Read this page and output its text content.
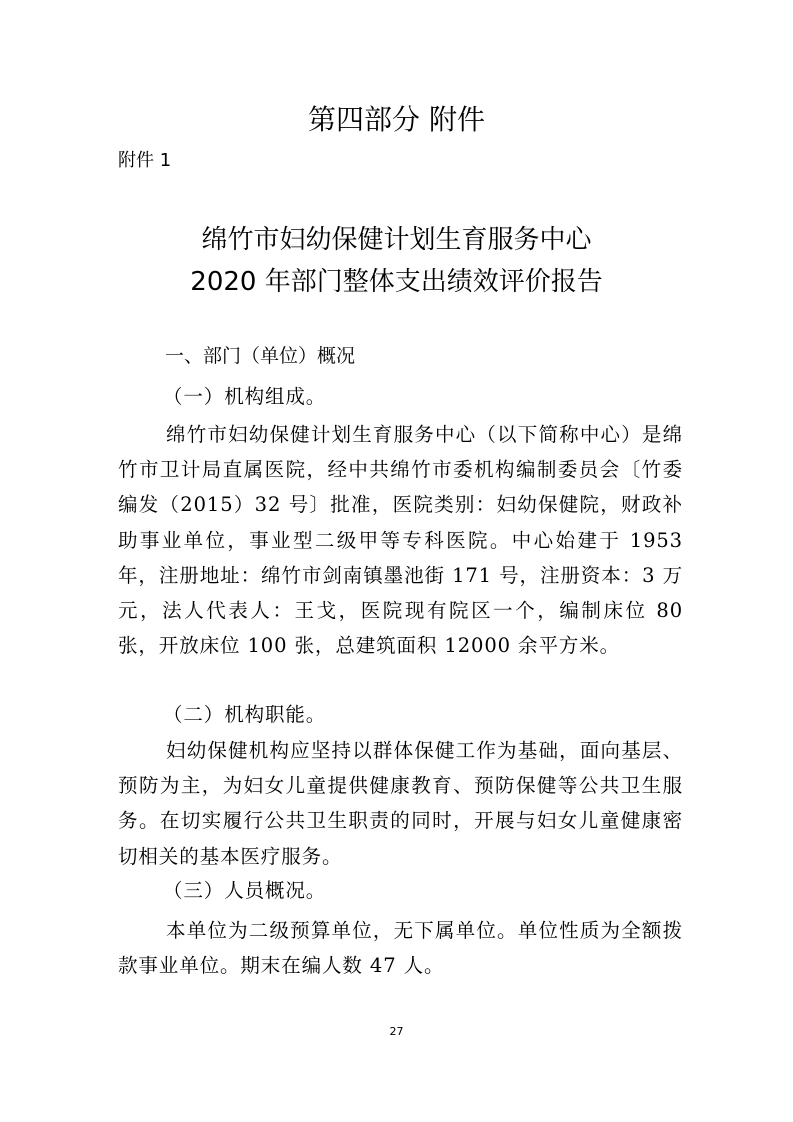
第四部分 附件

附件 1

绵竹市妇幼保健计划生育服务中心
2020 年部门整体支出绩效评价报告
一、部门（单位）概况

（一）机构组成。

绵竹市妇幼保健计划生育服务中心（以下简称中心）是绵竹市卫计局直属医院，经中共绵竹市委机构编制委员会〔竹委编发（2015）32 号〕批准，医院类别：妇幼保健院，财政补助事业单位，事业型二级甲等专科医院。中心始建于 1953 年，注册地址：绵竹市剑南镇墨池街 171 号，注册资本：3 万元，法人代表人：王戈，医院现有院区一个，编制床位 80 张，开放床位 100 张，总建筑面积 12000 余平方米。

（二）机构职能。

妇幼保健机构应坚持以群体保健工作为基础，面向基层、预防为主，为妇女儿童提供健康教育、预防保健等公共卫生服务。在切实履行公共卫生职责的同时，开展与妇女儿童健康密切相关的基本医疗服务。

（三）人员概况。

本单位为二级预算单位，无下属单位。单位性质为全额拨款事业单位。期末在编人数 47 人。

27
